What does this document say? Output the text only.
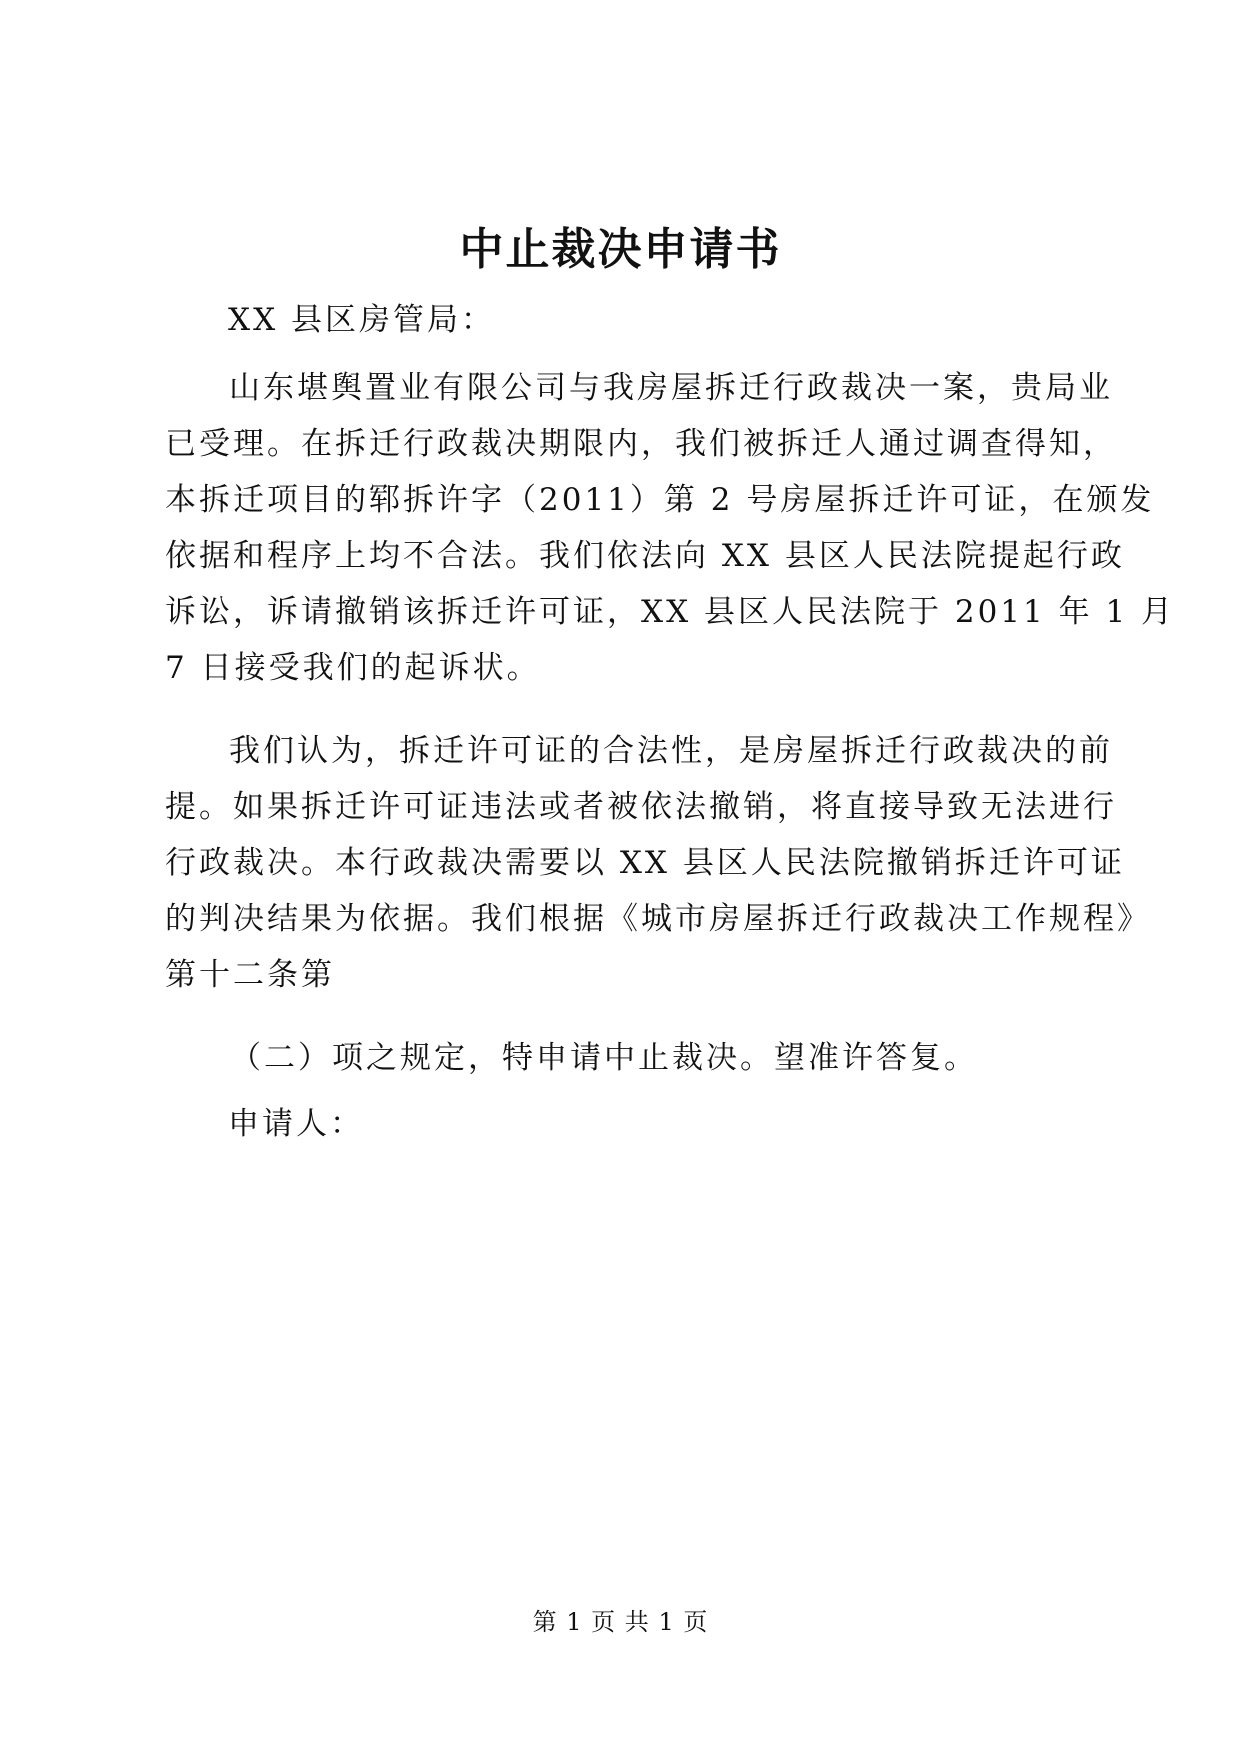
中止裁决申请书
XX 县区房管局：
山东堪舆置业有限公司与我房屋拆迁行政裁决一案，贵局业
已受理。在拆迁行政裁决期限内，我们被拆迁人通过调查得知，
本拆迁项目的郓拆许字（2011）第 2 号房屋拆迁许可证，在颁发
依据和程序上均不合法。我们依法向 XX 县区人民法院提起行政
诉讼，诉请撤销该拆迁许可证，XX 县区人民法院于 2011 年 1 月
7 日接受我们的起诉状。
我们认为，拆迁许可证的合法性，是房屋拆迁行政裁决的前
提。如果拆迁许可证违法或者被依法撤销，将直接导致无法进行
行政裁决。本行政裁决需要以 XX 县区人民法院撤销拆迁许可证
的判决结果为依据。我们根据《城市房屋拆迁行政裁决工作规程》
第十二条第
（二）项之规定，特申请中止裁决。望准许答复。
申请人：
第 1 页 共 1 页
